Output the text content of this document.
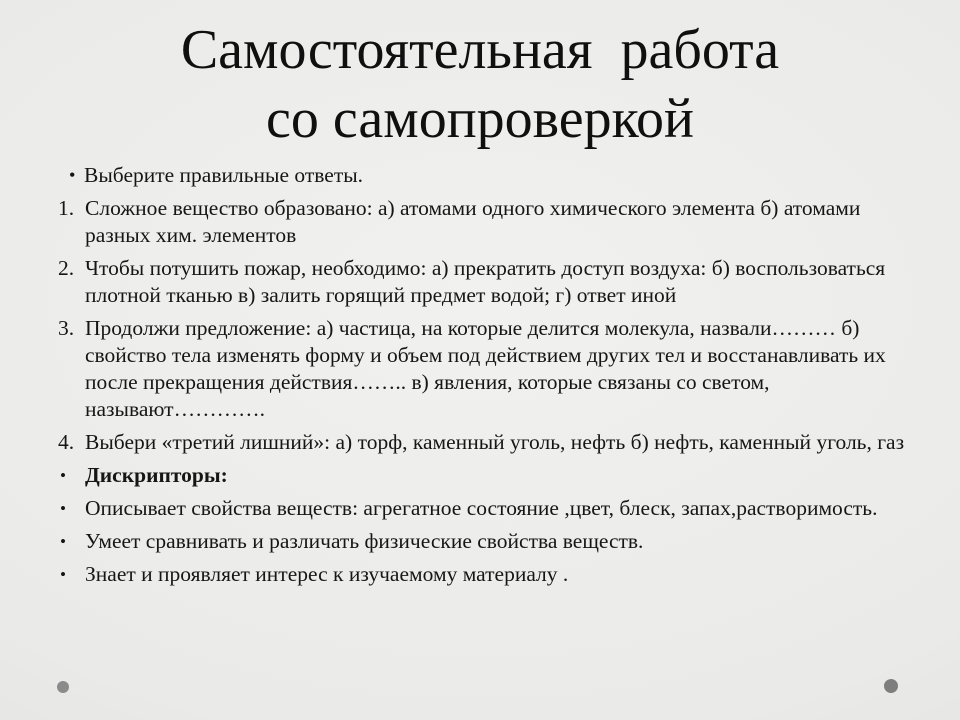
Самостоятельная  работа
со самопроверкой
• Выберите правильные ответы.
1. Сложное вещество образовано: а) атомами одного химического элемента б) атомами разных хим. элементов
2. Чтобы потушить пожар, необходимо: а) прекратить доступ воздуха: б) воспользоваться плотной тканью в) залить горящий предмет водой; г) ответ иной
3. Продолжи предложение: а) частица, на которые делится молекула, назвали……… б) свойство тела изменять форму и объем под действием других тел и восстанавливать их после прекращения действия…….. в) явления, которые связаны со светом, называют………….
4. Выбери «третий лишний»: а) торф, каменный уголь, нефть б) нефть, каменный уголь, газ
• Дискрипторы:
• Описывает свойства веществ: агрегатное состояние ,цвет, блеск, запах,растворимость.
• Умеет сравнивать и различать физические свойства веществ.
• Знает и проявляет интерес к изучаемому материалу .
